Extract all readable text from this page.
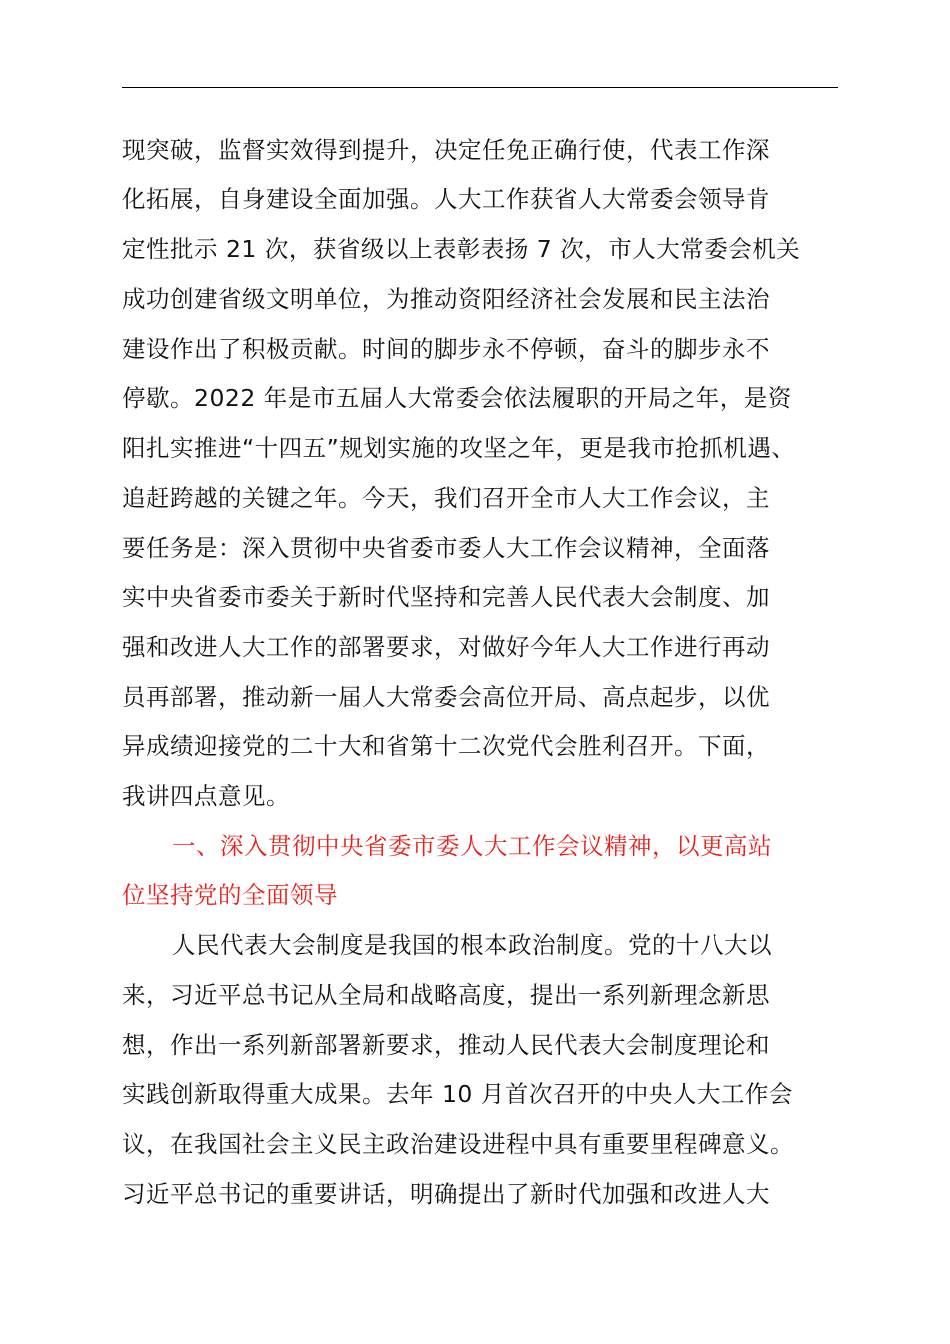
现突破，监督实效得到提升，决定任免正确行使，代表工作深
化拓展，自身建设全面加强。人大工作获省人大常委会领导肯
定性批示 21 次，获省级以上表彰表扬 7 次，市人大常委会机关
成功创建省级文明单位，为推动资阳经济社会发展和民主法治
建设作出了积极贡献。时间的脚步永不停顿，奋斗的脚步永不
停歇。2022 年是市五届人大常委会依法履职的开局之年，是资
阳扎实推进“十四五”规划实施的攻坚之年，更是我市抢抓机遇、
追赶跨越的关键之年。今天，我们召开全市人大工作会议，主
要任务是：深入贯彻中央省委市委人大工作会议精神，全面落
实中央省委市委关于新时代坚持和完善人民代表大会制度、加
强和改进人大工作的部署要求，对做好今年人大工作进行再动
员再部署，推动新一届人大常委会高位开局、高点起步，以优
异成绩迎接党的二十大和省第十二次党代会胜利召开。下面，
我讲四点意见。
一、深入贯彻中央省委市委人大工作会议精神，以更高站
位坚持党的全面领导
人民代表大会制度是我国的根本政治制度。党的十八大以
来，习近平总书记从全局和战略高度，提出一系列新理念新思
想，作出一系列新部署新要求，推动人民代表大会制度理论和
实践创新取得重大成果。去年 10 月首次召开的中央人大工作会
议，在我国社会主义民主政治建设进程中具有重要里程碑意义。
习近平总书记的重要讲话，明确提出了新时代加强和改进人大
